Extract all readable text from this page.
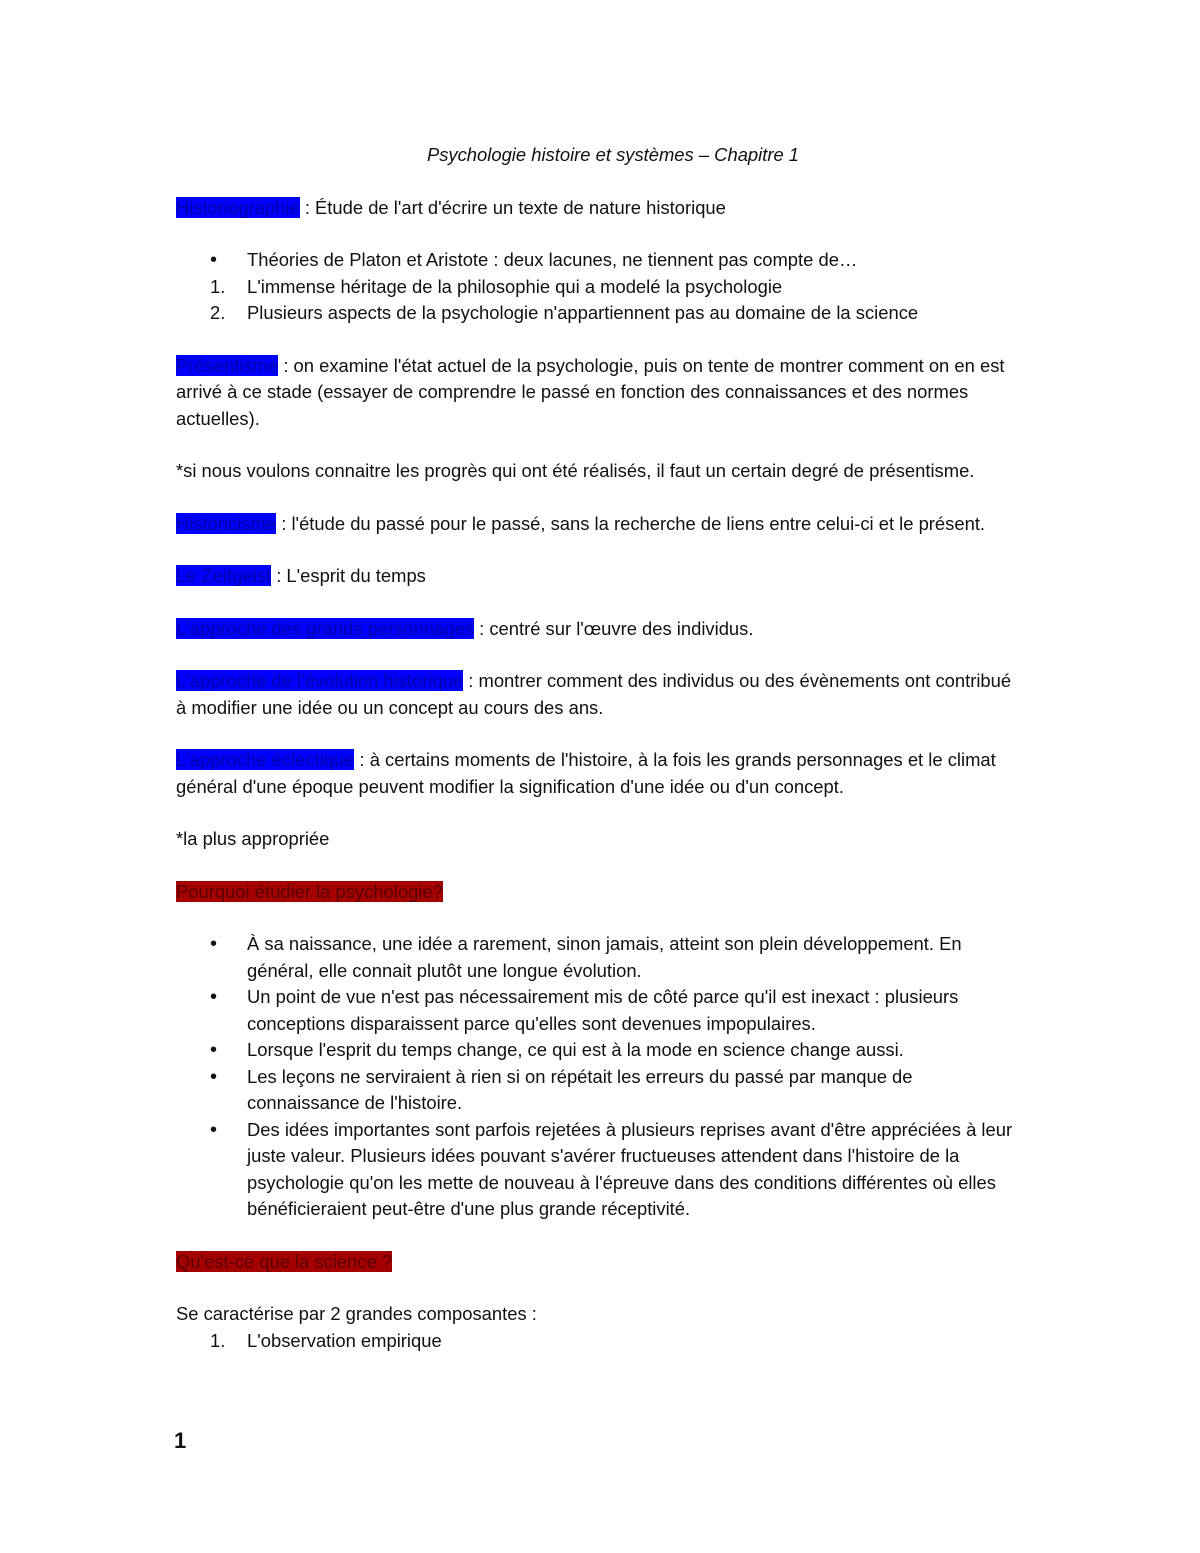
Psychologie histoire et systèmes – Chapitre 1

Historiographie : Étude de l'art d'écrire un texte de nature historique

• Théories de Platon et Aristote : deux lacunes, ne tiennent pas compte de…
1. L'immense héritage de la philosophie qui a modelé la psychologie
2. Plusieurs aspects de la psychologie n'appartiennent pas au domaine de la science

Présentisme : on examine l'état actuel de la psychologie, puis on tente de montrer comment on en est arrivé à ce stade (essayer de comprendre le passé en fonction des connaissances et des normes actuelles).

*si nous voulons connaitre les progrès qui ont été réalisés, il faut un certain degré de présentisme.

Historicisme : l'étude du passé pour le passé, sans la recherche de liens entre celui-ci et le présent.

Le Zeitgeist : L'esprit du temps

L'approche des grands personnages : centré sur l'œuvre des individus.

L'approche de l'évolution historique : montrer comment des individus ou des évènements ont contribué à modifier une idée ou un concept au cours des ans.

L'approche éclectique : à certains moments de l'histoire, à la fois les grands personnages et le climat général d'une époque peuvent modifier la signification d'une idée ou d'un concept.

*la plus appropriée

Pourquoi étudier la psychologie?

• À sa naissance, une idée a rarement, sinon jamais, atteint son plein développement. En général, elle connait plutôt une longue évolution.
• Un point de vue n'est pas nécessairement mis de côté parce qu'il est inexact : plusieurs conceptions disparaissent parce qu'elles sont devenues impopulaires.
• Lorsque l'esprit du temps change, ce qui est à la mode en science change aussi.
• Les leçons ne serviraient à rien si on répétait les erreurs du passé par manque de connaissance de l'histoire.
• Des idées importantes sont parfois rejetées à plusieurs reprises avant d'être appréciées à leur juste valeur. Plusieurs idées pouvant s'avérer fructueuses attendent dans l'histoire de la psychologie qu'on les mette de nouveau à l'épreuve dans des conditions différentes où elles bénéficieraient peut-être d'une plus grande réceptivité.

Qu'est-ce que la science ?

Se caractérise par 2 grandes composantes :

1. L'observation empirique
1
